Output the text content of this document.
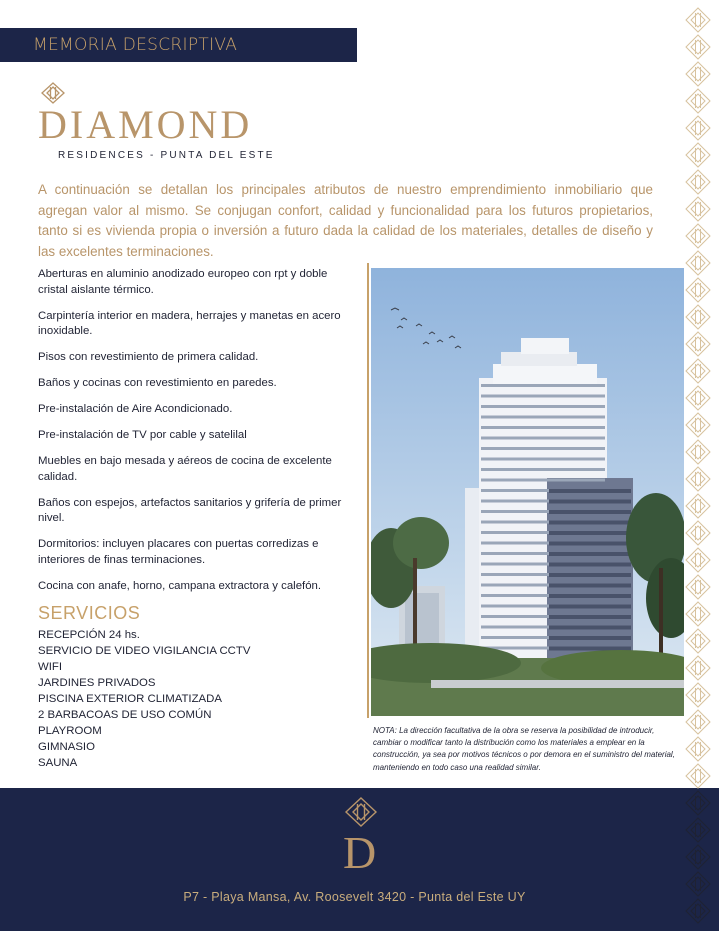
MEMORIA DESCRIPTIVA
DIAMOND
RESIDENCES - PUNTA DEL ESTE

A continuación se detallan los principales atributos de nuestro emprendimiento inmobiliario que agregan valor al mismo. Se conjugan confort, calidad y funcionalidad para los futuros propietarios, tanto si es vivienda propia o inversión a futuro dada la calidad de los materiales, detalles de diseño y las excelentes terminaciones.

Aberturas en aluminio anodizado europeo con rpt y doble cristal aislante térmico.

Carpintería interior en madera, herrajes y manetas en acero inoxidable.

Pisos con revestimiento de primera calidad.

Baños y cocinas con revestimiento en paredes.

Pre-instalación de Aire Acondicionado.

Pre-instalación de TV por cable y satelilal

Muebles en bajo mesada y aéreos de cocina de excelente calidad.

Baños con espejos, artefactos sanitarios y grifería de primer nivel.

Dormitorios: incluyen placares con puertas corredizas e interiores de finas terminaciones.

Cocina con anafe, horno, campana extractora y calefón.

SERVICIOS
RECEPCIÓN 24 hs.
SERVICIO DE VIDEO VIGILANCIA CCTV
WIFI
JARDINES PRIVADOS
PISCINA EXTERIOR CLIMATIZADA
2 BARBACOAS DE USO COMÚN
PLAYROOM
GIMNASIO
SAUNA

NOTA: La dirección facultativa de la obra se reserva la posibilidad de introducir, cambiar o modificar tanto la distribución como los materiales a emplear en la construcción, ya sea por motivos técnicos o por demora en el suministro del material, manteniendo en todo caso una realidad similar.

D
P7 - Playa Mansa, Av. Roosevelt 3420 - Punta del Este UY
